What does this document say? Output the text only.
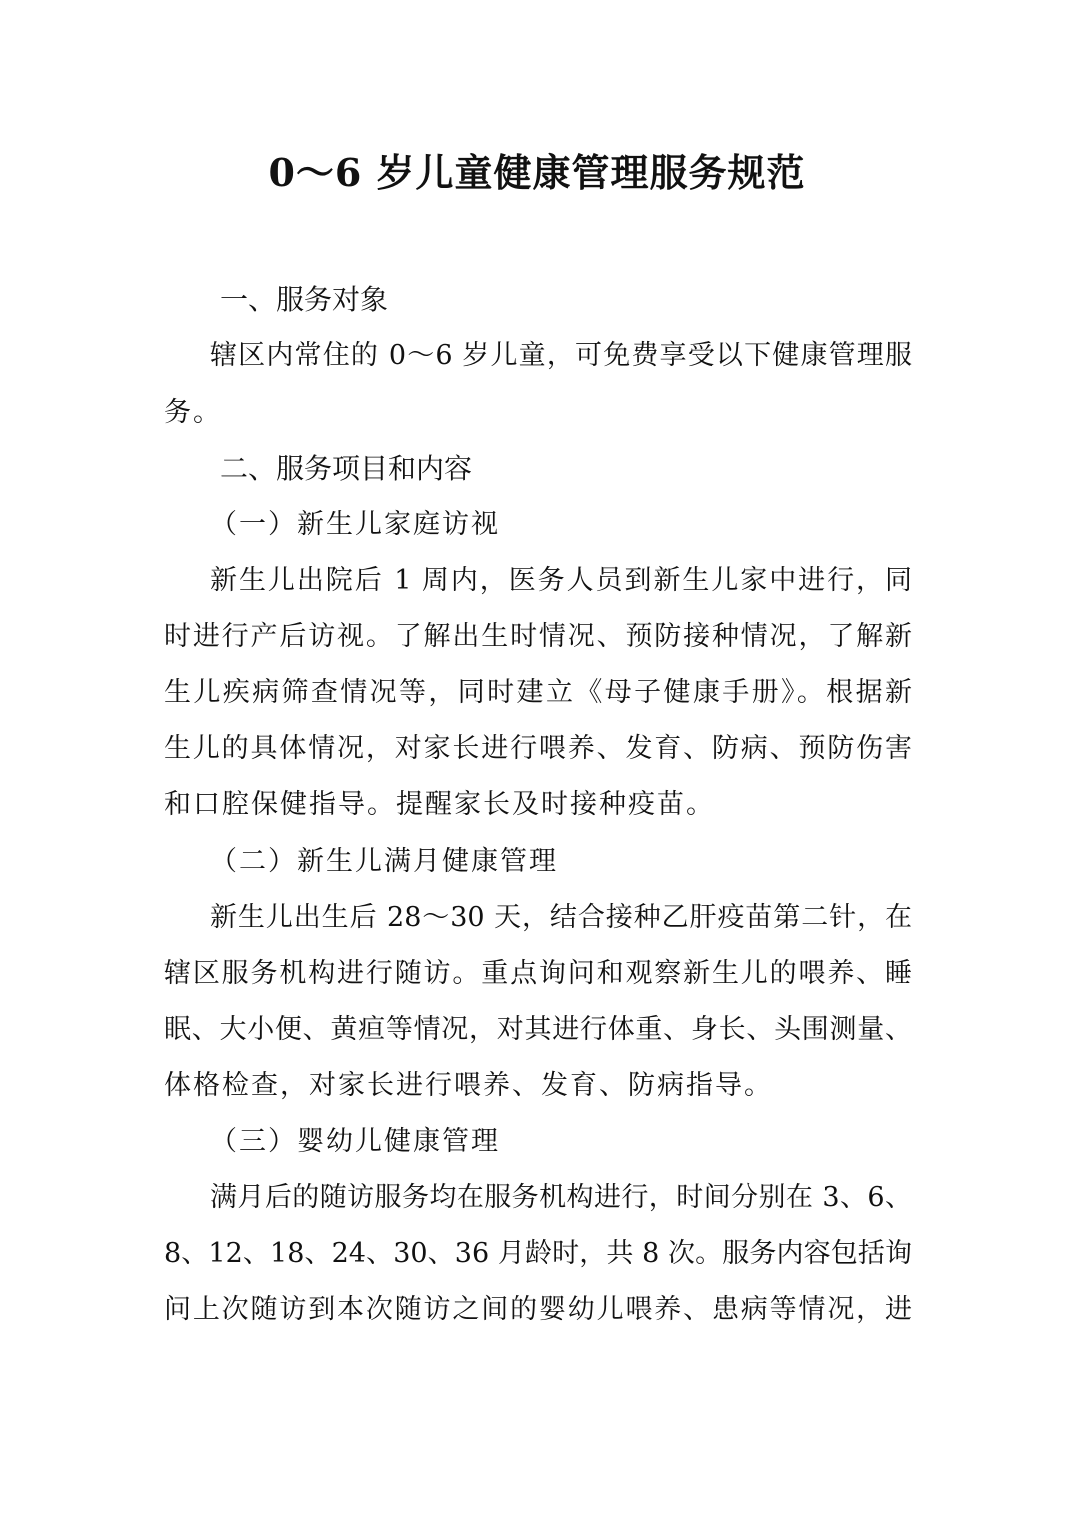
0～6 岁儿童健康管理服务规范
一、服务对象
辖区内常住的 0～6 岁儿童，可免费享受以下健康管理服
务。
二、服务项目和内容
（一）新生儿家庭访视
新生儿出院后 1 周内，医务人员到新生儿家中进行，同
时进行产后访视。了解出生时情况、预防接种情况，了解新
生儿疾病筛查情况等，同时建立《母子健康手册》。根据新
生儿的具体情况，对家长进行喂养、发育、防病、预防伤害
和口腔保健指导。提醒家长及时接种疫苗。
（二）新生儿满月健康管理
新生儿出生后 28～30 天，结合接种乙肝疫苗第二针，在
辖区服务机构进行随访。重点询问和观察新生儿的喂养、睡
眠、大小便、黄疸等情况，对其进行体重、身长、头围测量、
体格检查，对家长进行喂养、发育、防病指导。
（三）婴幼儿健康管理
满月后的随访服务均在服务机构进行，时间分别在 3、6、
8、12、18、24、30、36 月龄时，共 8 次。服务内容包括询
问上次随访到本次随访之间的婴幼儿喂养、患病等情况，进
